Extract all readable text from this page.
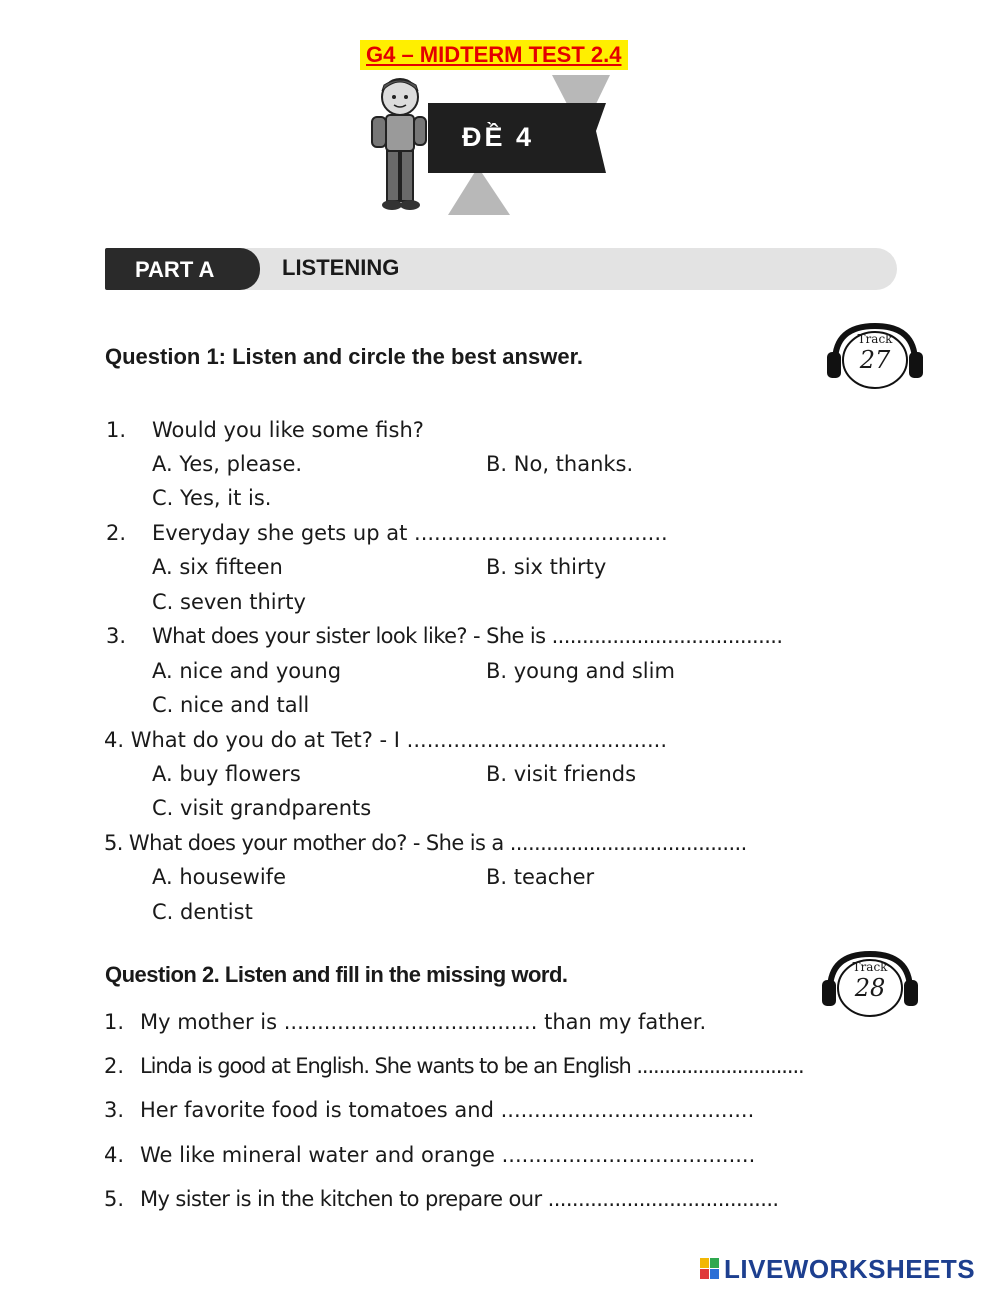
G4 – MIDTERM TEST 2.4
ĐỀ 4
PART A	LISTENING
Question 1: Listen and circle the best answer.
Track
27
1. Would you like some fish?
A. Yes, please.	B. No, thanks.
C. Yes, it is.
2. Everyday she gets up at ......................................
A. six fifteen	B. six thirty
C. seven thirty
3. What does your sister look like? - She is ......................................
A. nice and young	B. young and slim
C. nice and tall
4. What do you do at Tet? - I .......................................
A. buy flowers	B. visit friends
C. visit grandparents
5. What does your mother do? - She is a .......................................
A. housewife	B. teacher
C. dentist
Question 2. Listen and fill in the missing word.	Track
28
1. My mother is ...................................... than my father.
2. Linda is good at English. She wants to be an English ..............................
3. Her favorite food is tomatoes and ......................................
4. We like mineral water and orange ......................................
5. My sister is in the kitchen to prepare our ......................................
LIVEWORKSHEETS
